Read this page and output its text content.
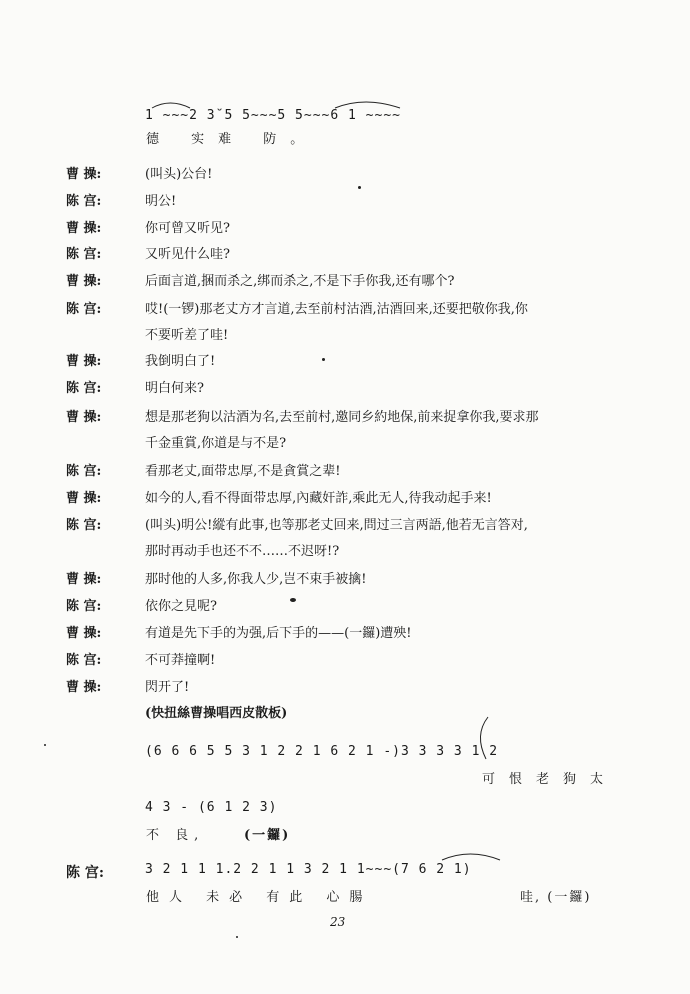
1 ~~~2 3˘5 5~~~5 5~~~6 1 ~~~~
德 实难 防。
曹 操:	(叫头)公台!
陈 宫:	明公!
曹 操:	你可曾又听见?
陈 宫:	又听见什么哇?
曹 操:	后面言道,捆而杀之,绑而杀之,不是下手你我,还有哪个?
陈 宫:	哎!(一锣)那老丈方才言道,去至前村沽酒,沽酒回来,还要把敬你我,你
不要听差了哇!
曹 操:	我倒明白了!
陈 宫:	明白何来?
曹 操:	想是那老狗以沽酒为名,去至前村,邀同乡約地保,前来捉拿你我,要求那
千金重賞,你道是与不是?
陈 宫:	看那老丈,面带忠厚,不是貪賞之辈!
曹 操:	如今的人,看不得面带忠厚,內藏奸詐,乘此无人,待我动起手来!
陈 宫:	(叫头)明公!縱有此事,也等那老丈回来,問过三言两語,他若无言答对,
那时再动手也还不不……不迟呀!?
曹 操:	那时他的人多,你我人少,岂不束手被擒!
陈 宫:	依你之見呢?
曹 操:	有道是先下手的为强,后下手的——(一鑼)遭殃!
陈 宫:	不可莽撞啊!
曹 操:	閃开了!
(快扭絲曹操唱西皮散板)
(6 6 6 5 5 3 1 2 2 1 6 2 1 -)3 3 3 3 1 2
可恨老狗太
4 3 - (6 1 2 3)
不 良,	(一鑼)
陈 宫:	3 2 1 1 1.2 2 1 1 3 2 1 1~~~(7 6 2 1)
他人 未必 有此 心腸	哇, (一鑼)
23
